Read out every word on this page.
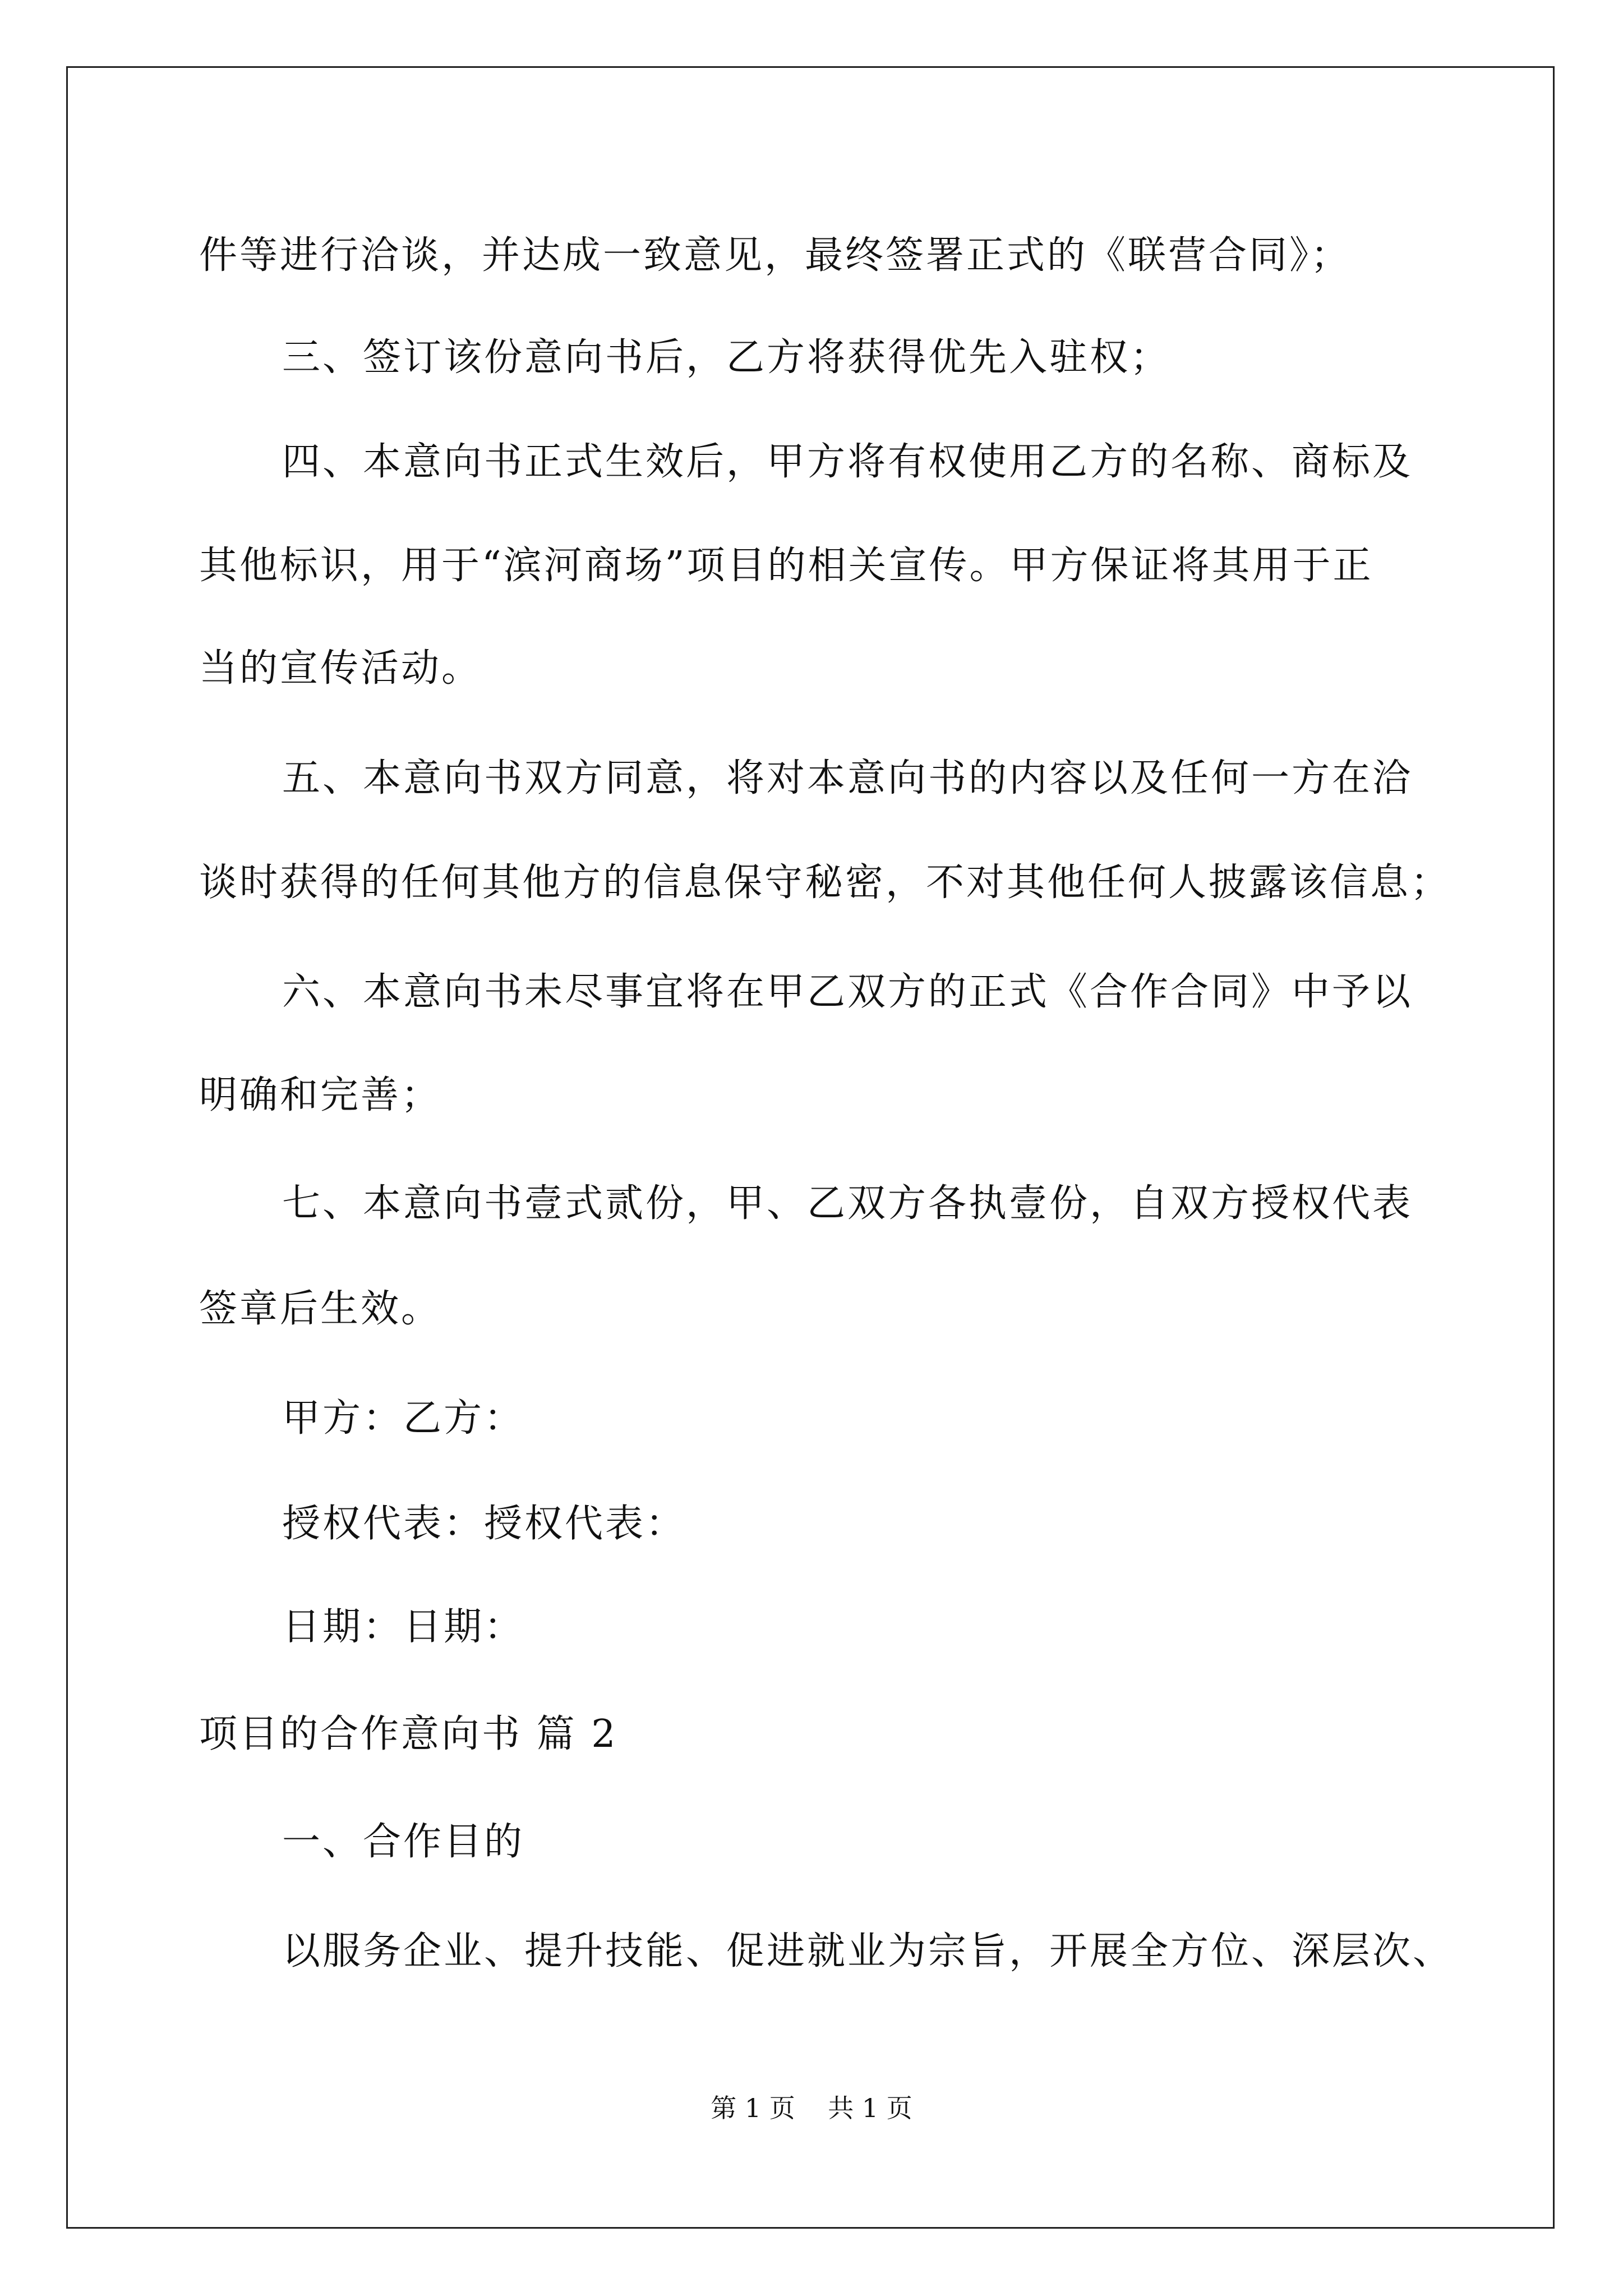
件等进行洽谈，并达成一致意见，最终签署正式的《联营合同》；
三、签订该份意向书后，乙方将获得优先入驻权；
四、本意向书正式生效后，甲方将有权使用乙方的名称、商标及
其他标识，用于“滨河商场”项目的相关宣传。甲方保证将其用于正
当的宣传活动。
五、本意向书双方同意，将对本意向书的内容以及任何一方在洽
谈时获得的任何其他方的信息保守秘密，不对其他任何人披露该信息；
六、本意向书未尽事宜将在甲乙双方的正式《合作合同》中予以
明确和完善；
七、本意向书壹式贰份，甲、乙双方各执壹份，自双方授权代表
签章后生效。
甲方：乙方：
授权代表：授权代表：
日期：日期：
项目的合作意向书 篇 2
一、合作目的
以服务企业、提升技能、促进就业为宗旨，开展全方位、深层次、
第 1 页    共 1 页
